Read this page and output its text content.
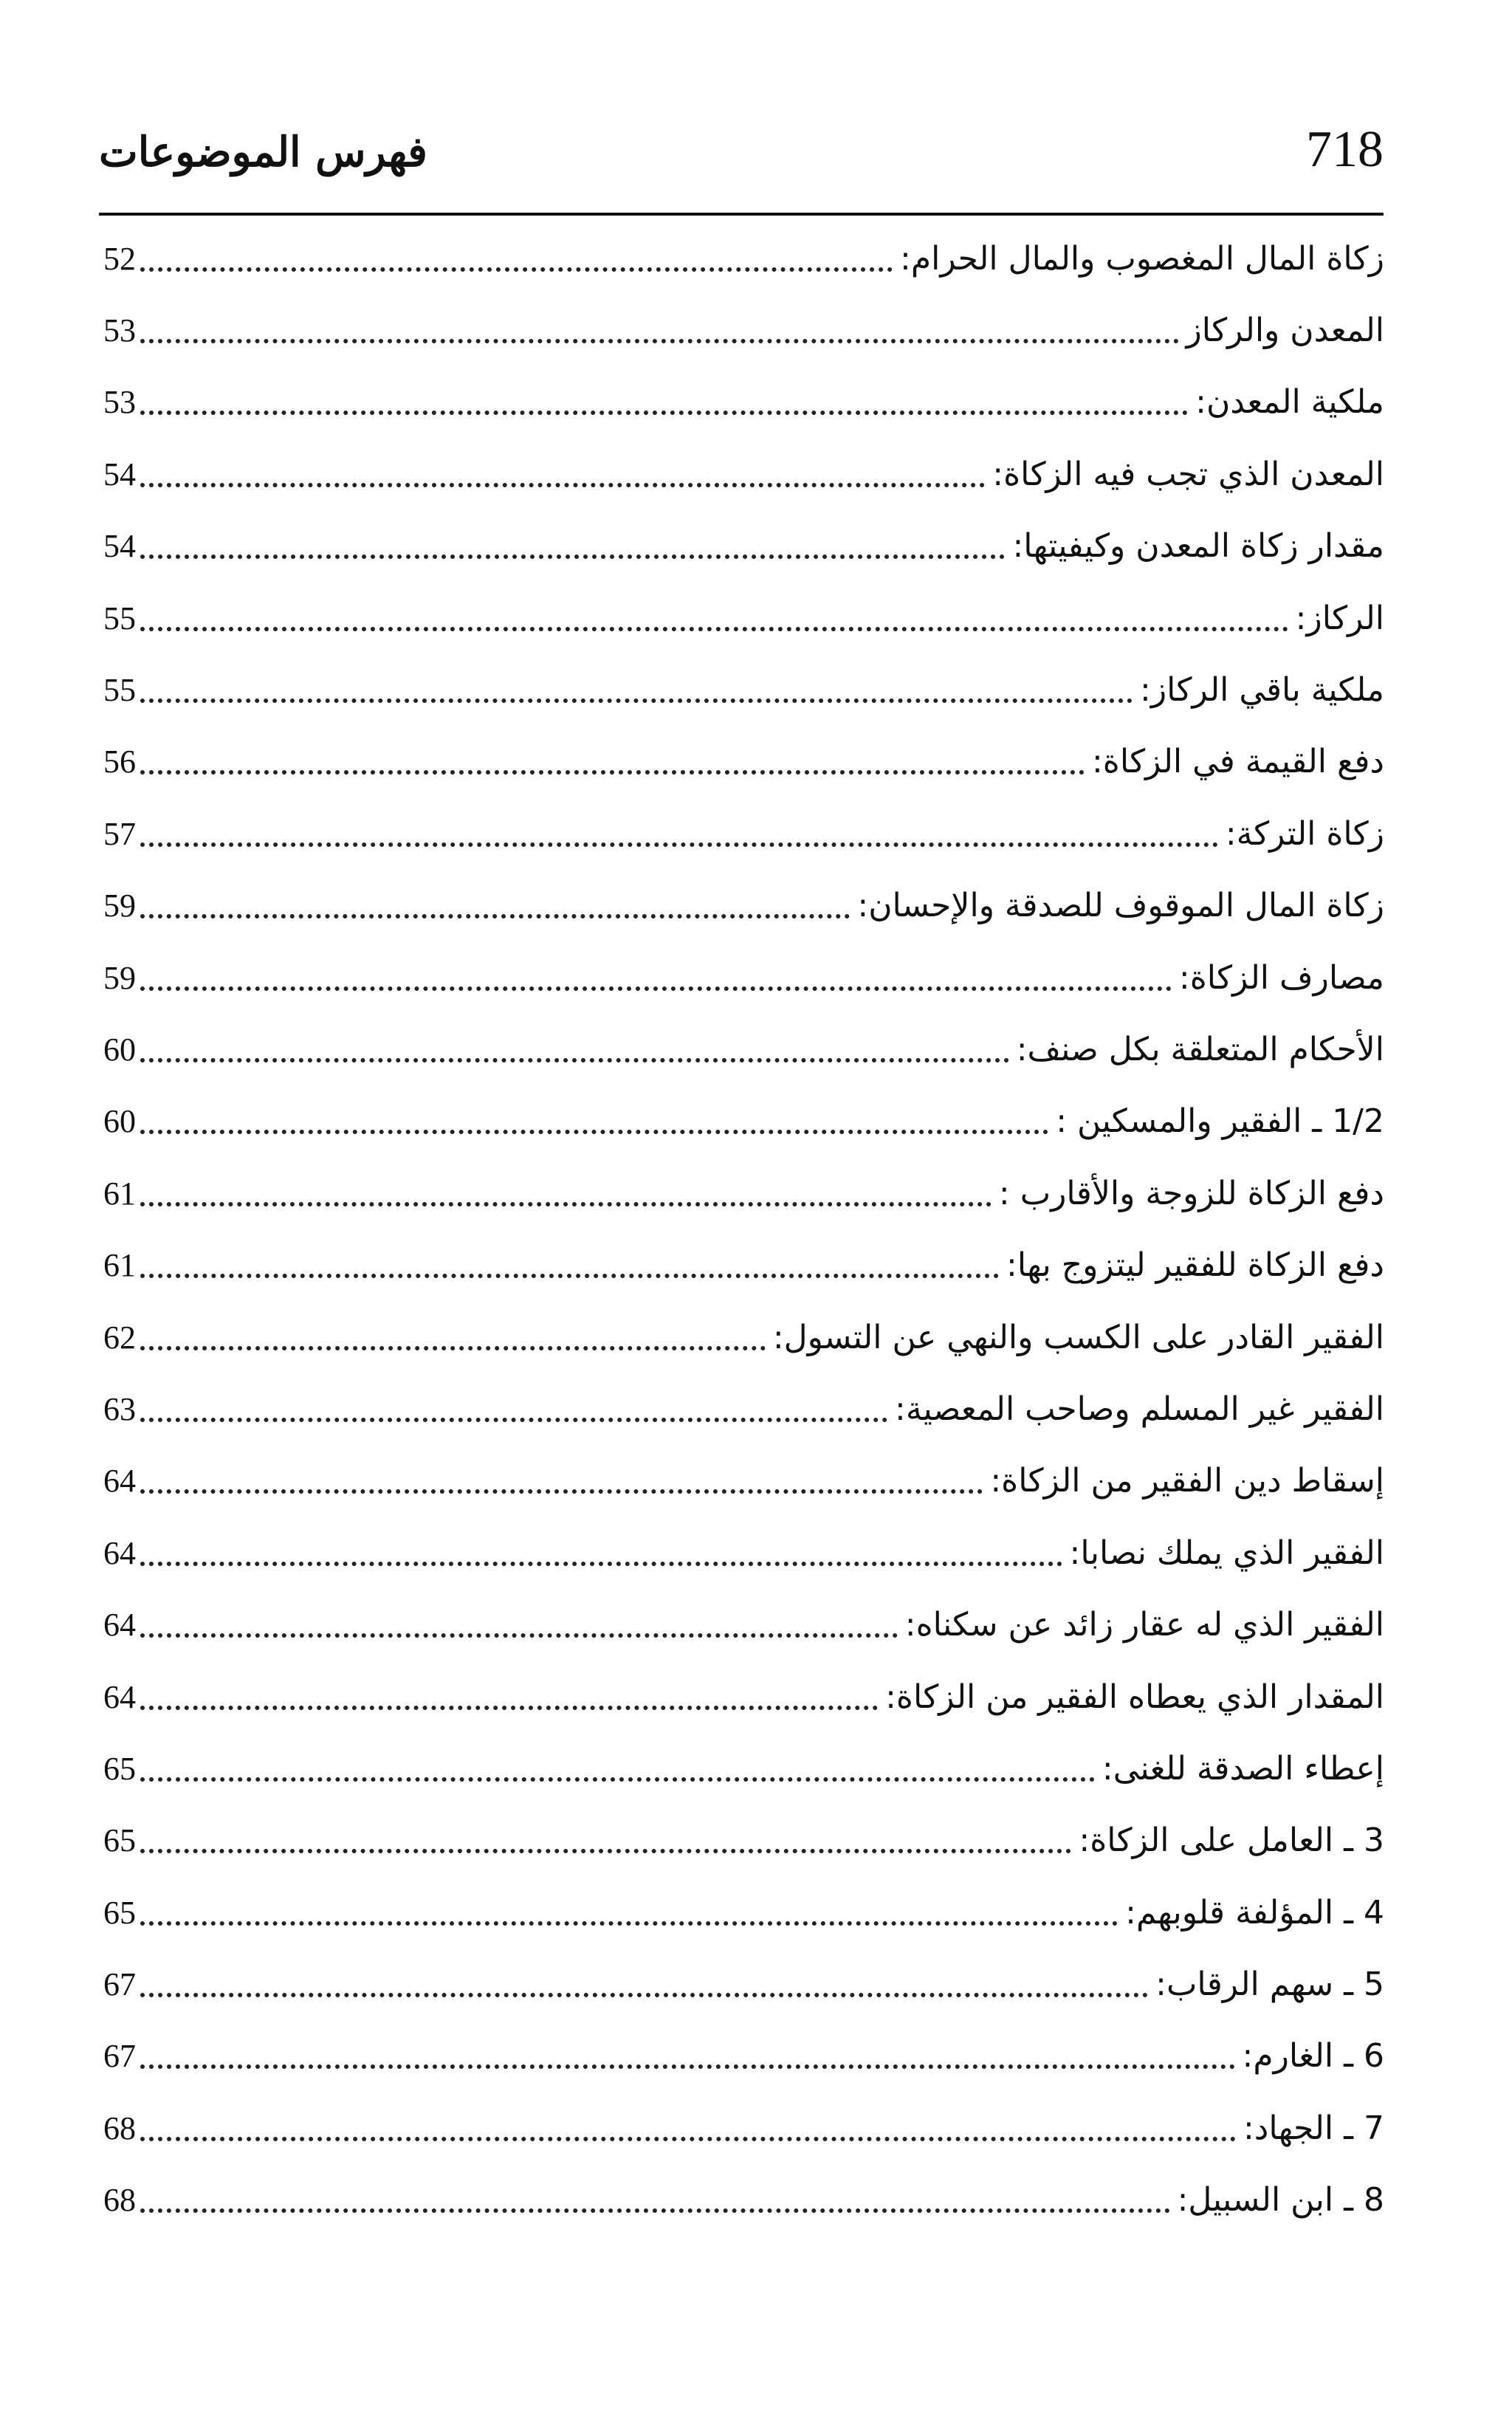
718
فهرس الموضوعات
52	زكاة المال المغصوب والمال الحرام:
53	المعدن والركاز
53	ملكية المعدن:
54	المعدن الذي تجب فيه الزكاة:
54	مقدار زكاة المعدن وكيفيتها:
55	الركاز:
55	ملكية باقي الركاز:
56	دفع القيمة في الزكاة:
57	زكاة التركة:
59	زكاة المال الموقوف للصدقة والإحسان:
59	مصارف الزكاة:
60	الأحكام المتعلقة بكل صنف:
60	1/2 ـ الفقير والمسكين :
61	دفع الزكاة للزوجة والأقارب :
61	دفع الزكاة للفقير ليتزوج بها:
62	الفقير القادر على الكسب والنهي عن التسول:
63	الفقير غير المسلم وصاحب المعصية:
64	إسقاط دين الفقير من الزكاة:
64	الفقير الذي يملك نصابا:
64	الفقير الذي له عقار زائد عن سكناه:
64	المقدار الذي يعطاه الفقير من الزكاة:
65	إعطاء الصدقة للغنى:
65	3 ـ العامل على الزكاة:
65	4 ـ المؤلفة قلوبهم:
67	5 ـ سهم الرقاب:
67	6 ـ الغارم:
68	7 ـ الجهاد:
68	8 ـ ابن السبيل:
